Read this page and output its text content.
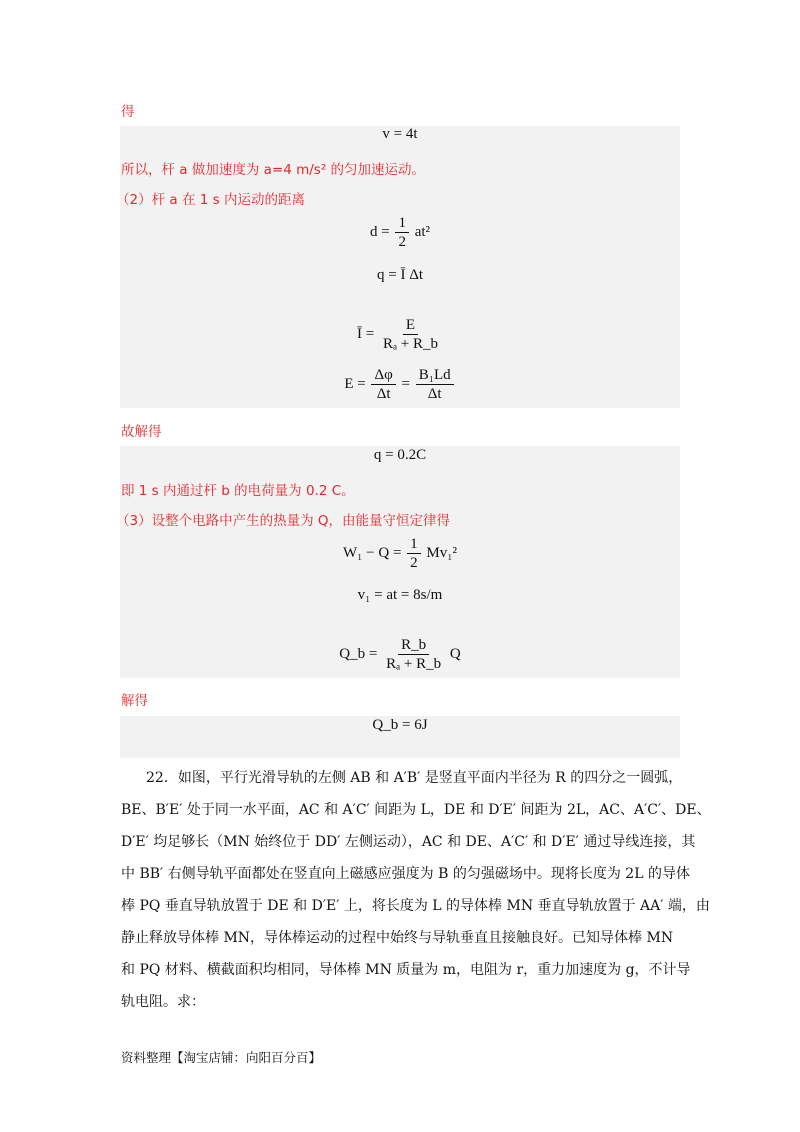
得
v = 4t
所以，杆 a 做加速度为 a=4 m/s² 的匀加速运动。
（2）杆 a 在 1 s 内运动的距离
$d = \frac{1}{2} at^2$
q = Ī Δt
Ī = $\frac{E}{\text{Rₐ + R\_b}}$
$E = \frac{\Delta\varphi}{\Delta t} = \frac{\text{B₁Ld}}{\Delta t}$
故解得
q = 0.2C
即 1 s 内通过杆 b 的电荷量为 0.2 C。
（3）设整个电路中产生的热量为 Q，由能量守恒定律得
$W_1 - Q = \frac{1}{2} Mv_1^2$
v₁ = at = 8s/m
Q_b = $\frac{R\_b}{\text{Rₐ + R\_b}}$ Q
解得
Q_b = 6J
22．如图，平行光滑导轨的左侧 AB 和 A′B′ 是竖直平面内半径为 R 的四分之一圆弧，
BE、B′E′ 处于同一水平面，AC 和 A′C′ 间距为 L，DE 和 D′E′ 间距为 2L，AC、A′C′、DE、
D′E′ 均足够长（MN 始终位于 DD′ 左侧运动），AC 和 DE、A′C′ 和 D′E′ 通过导线连接，其
中 BB′ 右侧导轨平面都处在竖直向上磁感应强度为 B 的匀强磁场中。现将长度为 2L 的导体
棒 PQ 垂直导轨放置于 DE 和 D′E′ 上，将长度为 L 的导体棒 MN 垂直导轨放置于 AA′ 端，由
静止释放导体棒 MN，导体棒运动的过程中始终与导轨垂直且接触良好。已知导体棒 MN
和 PQ 材料、横截面积均相同，导体棒 MN 质量为 m，电阻为 r，重力加速度为 g，不计导
轨电阻。求：
资料整理【淘宝店铺：向阳百分百】
